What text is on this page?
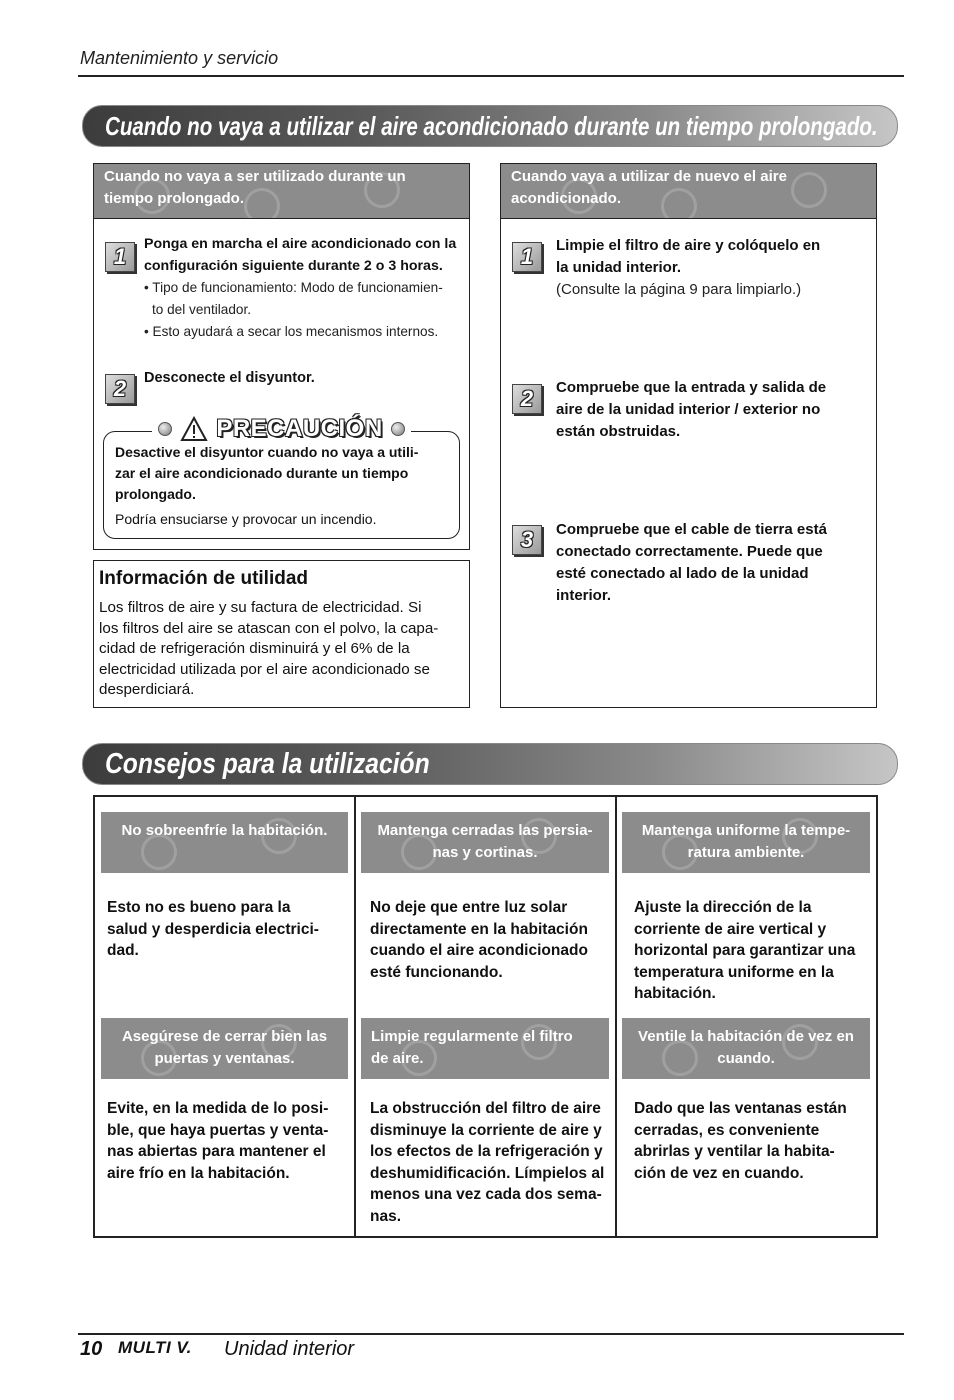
Mantenimiento y servicio
Cuando no vaya a utilizar el aire acondicionado durante un tiempo prolongado.
Cuando no vaya a ser utilizado durante un tiempo prolongado.
1	Ponga en marcha el aire acondicionado con la
configuración siguiente durante 2 o 3 horas.
• Tipo de funcionamiento: Modo de funcionamien-
to del ventilador.
• Esto ayudará a secar los mecanismos internos.
2	Desconecte el disyuntor.
PRECAUCIÓN
Desactive el disyuntor cuando no vaya a utili-
zar el aire acondicionado durante un tiempo
prolongado.
Podría ensuciarse y provocar un incendio.
Información de utilidad
Los filtros de aire y su factura de electricidad. Si
los filtros del aire se atascan con el polvo, la capa-
cidad de refrigeración disminuirá y el 6% de la
electricidad utilizada por el aire acondicionado se
desperdiciará.
Cuando vaya a utilizar de nuevo el aire acondicionado.
1	Limpie el filtro de aire y colóquelo en
la unidad interior.
(Consulte la página 9 para limpiarlo.)
2	Compruebe que la entrada y salida de
aire de la unidad interior / exterior no
están obstruidas.
3	Compruebe que el cable de tierra está
conectado correctamente. Puede que
esté conectado al lado de la unidad
interior.
Consejos para la utilización
No sobreenfríe la habitación.
Esto no es bueno para la
salud y desperdicia electrici-
dad.
Mantenga cerradas las persia-nas y cortinas.
No deje que entre luz solar
directamente en la habitación
cuando el aire acondicionado
esté funcionando.
Mantenga uniforme la tempe-ratura ambiente.
Ajuste la dirección de la
corriente de aire vertical y
horizontal para garantizar una
temperatura uniforme en la
habitación.
Asegúrese de cerrar bien las puertas y ventanas.
Evite, en la medida de lo posi-
ble, que haya puertas y venta-
nas abiertas para mantener el
aire frío en la habitación.
Limpie regularmente el filtro de aire.
La obstrucción del filtro de aire
disminuye la corriente de aire y
los efectos de la refrigeración y
deshumidificación. Límpielos al
menos una vez cada dos sema-
nas.
Ventile la habitación de vez en cuando.
Dado que las ventanas están
cerradas, es conveniente
abrirlas y ventilar la habita-
ción de vez en cuando.
10 MULTI V. Unidad interior
